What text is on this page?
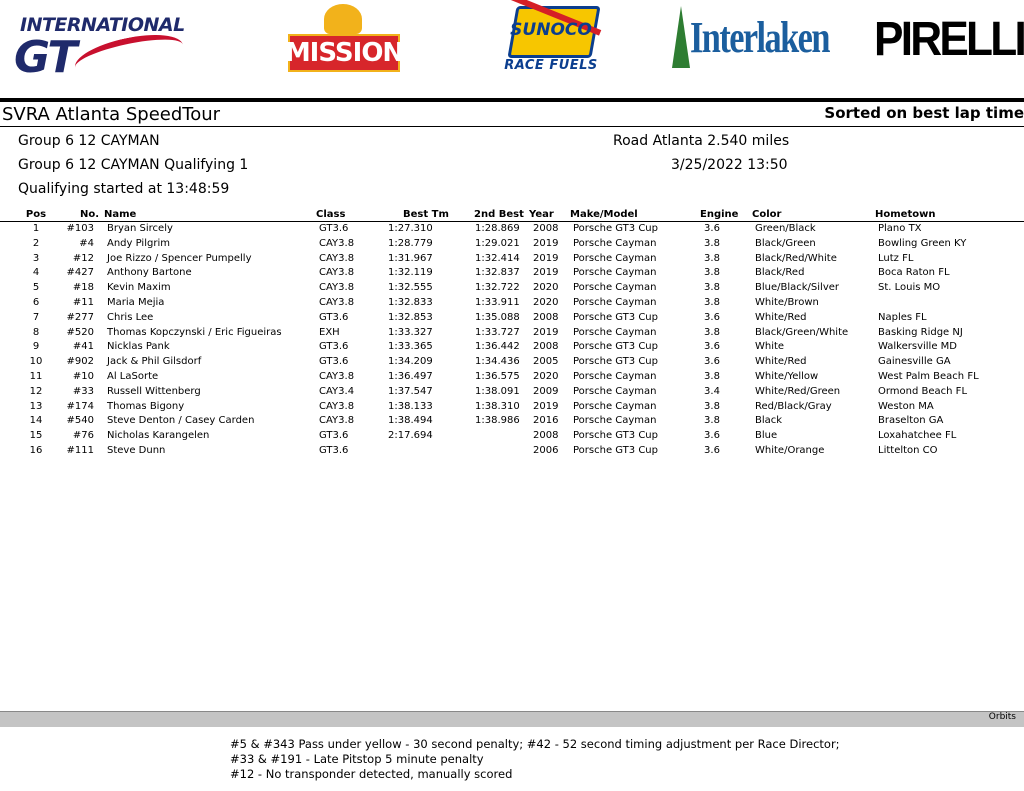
INTERNATIONAL
GT	MISSION
SUNOCO
RACE FUELS
Interlaken PIRELLI
SVRA Atlanta SpeedTour	Sorted on best lap time
Group 6 12 CAYMAN
Group 6 12 CAYMAN Qualifying 1
Qualifying started at 13:48:59
Road Atlanta 2.540 miles
3/25/2022 13:50
Pos	No. Name	Class	Best Tm	2nd Best Year Make/Model	Engine Color	Hometown
1	#103 Bryan Sircely	GT3.6	1:27.310	1:28.869 2008 Porsche GT3 Cup	3.6	Green/Black	Plano TX
2	#4 Andy Pilgrim	CAY3.8	1:28.779	1:29.021 2019 Porsche Cayman	3.8	Black/Green	Bowling Green KY
3	#12 Joe Rizzo / Spencer Pumpelly	CAY3.8	1:31.967	1:32.414 2019 Porsche Cayman	3.8	Black/Red/White	Lutz FL
4	#427 Anthony Bartone	CAY3.8	1:32.119	1:32.837 2019 Porsche Cayman	3.8	Black/Red	Boca Raton FL
5	#18 Kevin Maxim	CAY3.8	1:32.555	1:32.722 2020 Porsche Cayman	3.8	Blue/Black/Silver	St. Louis MO
6	#11 Maria Mejia	CAY3.8	1:32.833	1:33.911 2020 Porsche Cayman	3.8	White/Brown
7	#277 Chris Lee	GT3.6	1:32.853	1:35.088 2008 Porsche GT3 Cup	3.6	White/Red	Naples FL
8	#520 Thomas Kopczynski / Eric Figueiras	EXH	1:33.327	1:33.727 2019 Porsche Cayman	3.8	Black/Green/White	Basking Ridge NJ
9	#41 Nicklas Pank	GT3.6	1:33.365	1:36.442 2008 Porsche GT3 Cup	3.6	White	Walkersville MD
10	#902 Jack & Phil Gilsdorf	GT3.6	1:34.209	1:34.436 2005 Porsche GT3 Cup	3.6	White/Red	Gainesville GA
11	#10 Al LaSorte	CAY3.8	1:36.497	1:36.575 2020 Porsche Cayman	3.8	White/Yellow	West Palm Beach FL
12	#33 Russell Wittenberg	CAY3.4	1:37.547	1:38.091 2009 Porsche Cayman	3.4	White/Red/Green	Ormond Beach FL
13	#174 Thomas Bigony	CAY3.8	1:38.133	1:38.310 2019 Porsche Cayman	3.8	Red/Black/Gray	Weston MA
14	#540 Steve Denton / Casey Carden	CAY3.8	1:38.494	1:38.986 2016 Porsche Cayman	3.8	Black	Braselton GA
15	#76 Nicholas Karangelen	GT3.6	2:17.694	2008 Porsche GT3 Cup	3.6	Blue	Loxahatchee FL
16	#111 Steve Dunn	GT3.6	2006 Porsche GT3 Cup	3.6	White/Orange	Littelton CO
Orbits
#5 & #343 Pass under yellow - 30 second penalty; #42 - 52 second timing adjustment per Race Director;
#33 & #191 - Late Pitstop 5 minute penalty
#12 - No transponder detected, manually scored
